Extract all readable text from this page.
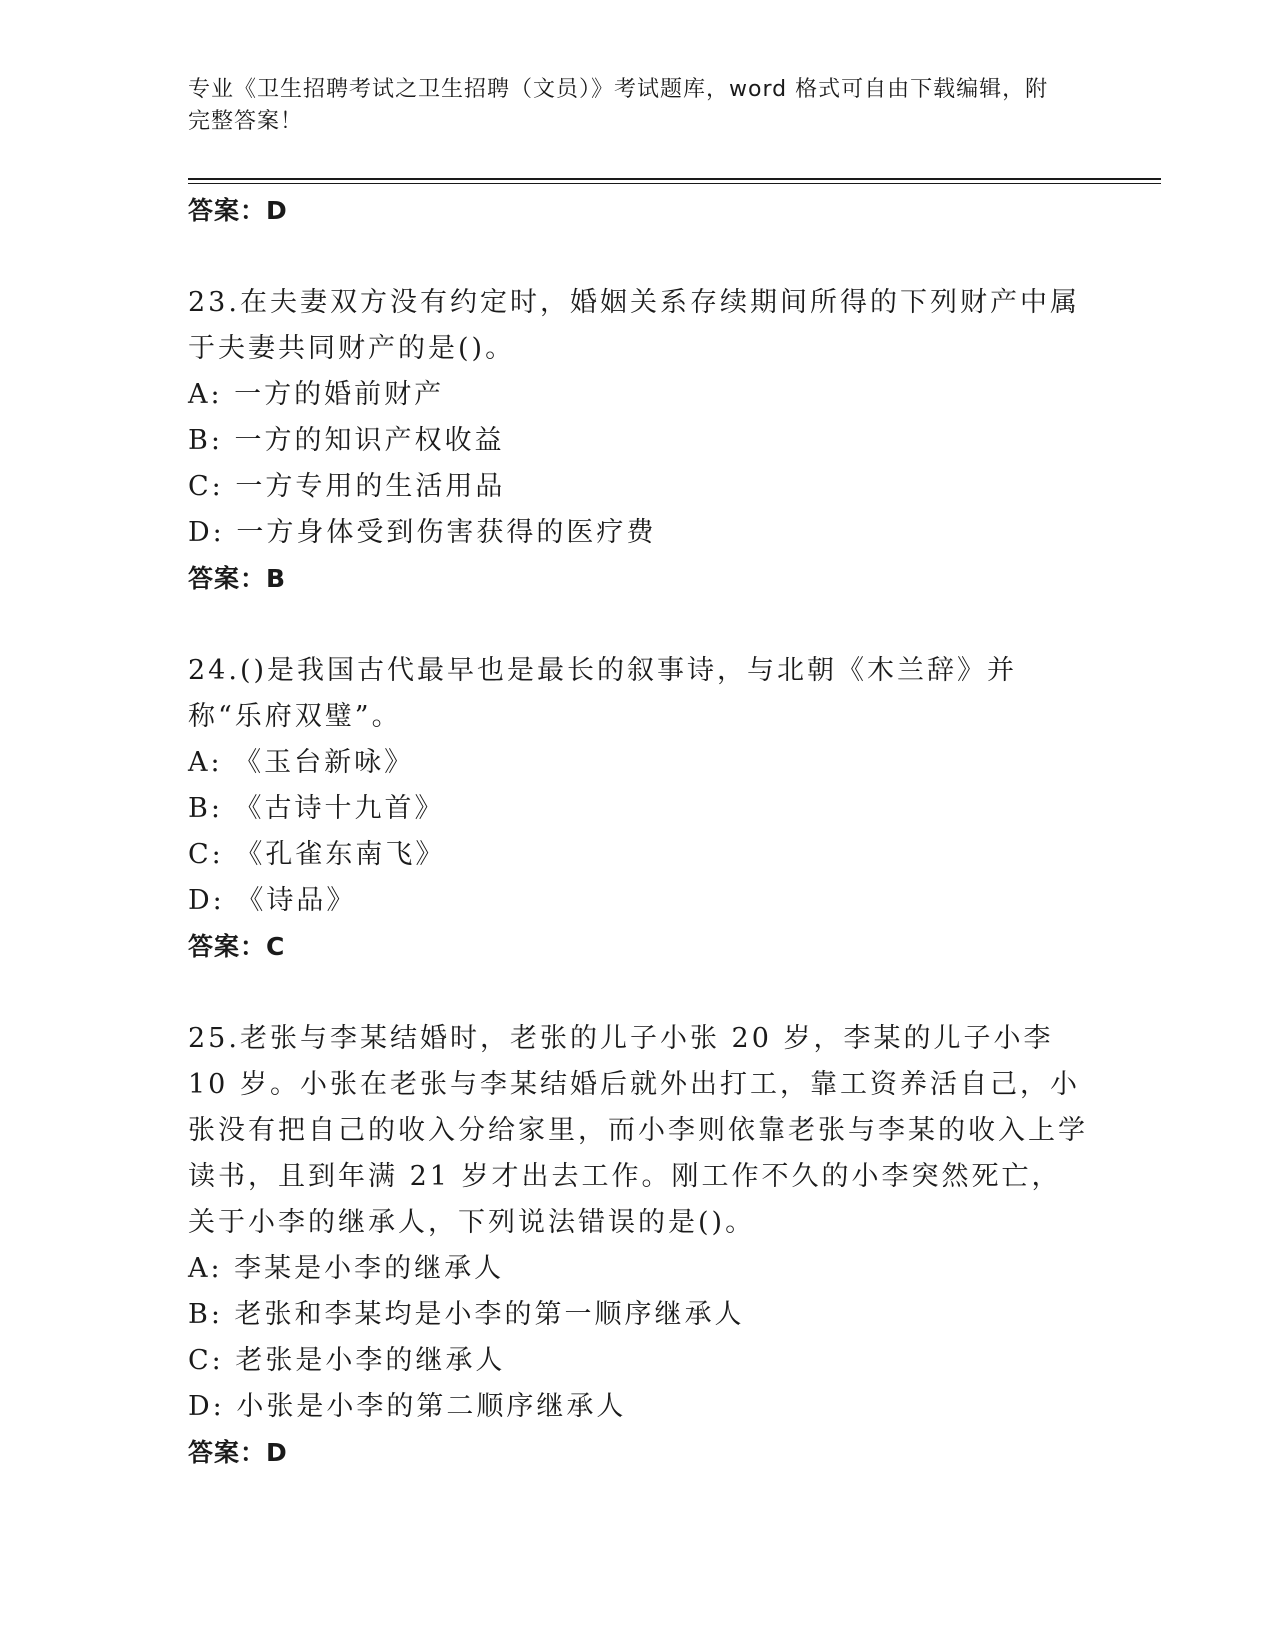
专业《卫生招聘考试之卫生招聘（文员）》考试题库，word 格式可自由下载编辑，附完整答案！
答案：D
23.在夫妻双方没有约定时，婚姻关系存续期间所得的下列财产中属于夫妻共同财产的是()。
A: 一方的婚前财产
B: 一方的知识产权收益
C: 一方专用的生活用品
D: 一方身体受到伤害获得的医疗费
答案：B
24.()是我国古代最早也是最长的叙事诗，与北朝《木兰辞》并称“乐府双璧”。
A: 《玉台新咏》
B: 《古诗十九首》
C: 《孔雀东南飞》
D: 《诗品》
答案：C
25.老张与李某结婚时，老张的儿子小张 20 岁，李某的儿子小李 10 岁。小张在老张与李某结婚后就外出打工，靠工资养活自己，小张没有把自己的收入分给家里，而小李则依靠老张与李某的收入上学读书，且到年满 21 岁才出去工作。刚工作不久的小李突然死亡，关于小李的继承人，下列说法错误的是()。
A: 李某是小李的继承人
B: 老张和李某均是小李的第一顺序继承人
C: 老张是小李的继承人
D: 小张是小李的第二顺序继承人
答案：D
